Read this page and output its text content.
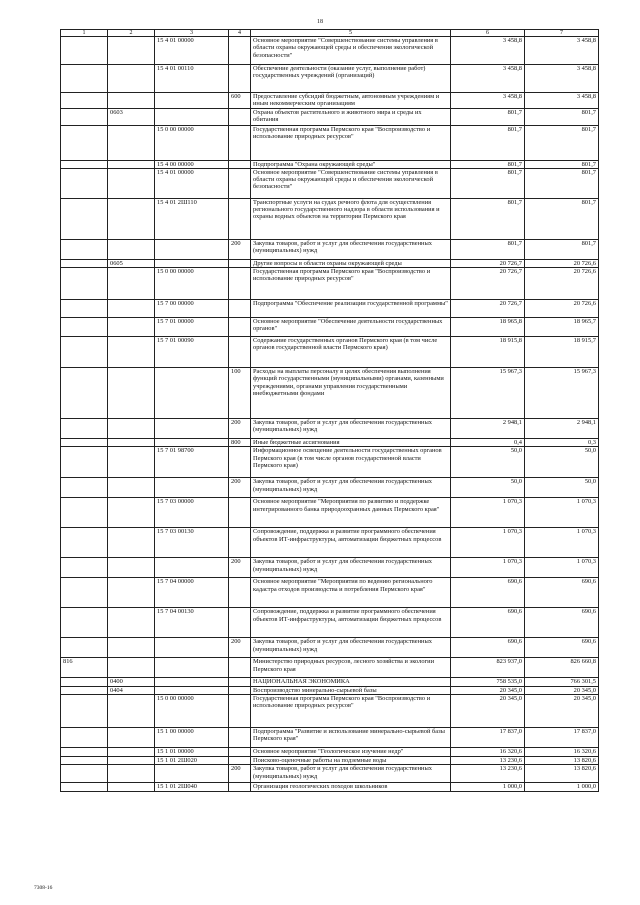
18
1	2	3	4	5	6	7
		15 4 01 00000		Основное мероприятие "Совершенствование системы управления в области охраны окружающей среды и обеспечения экологической безопасности"	3 458,8	3 458,8
		15 4 01 00110		Обеспечение деятельности (оказание услуг, выполнение работ) государственных учреждений (организаций)	3 458,8	3 458,8
			600	Предоставление субсидий бюджетным, автономным учреждениям и иным некоммерческим организациям	3 458,8	3 458,8
	0603			Охрана объектов растительного и животного мира и среды их обитания	801,7	801,7
		15 0 00 00000		Государственная программа Пермского края "Воспроизводство и использование природных ресурсов"	801,7	801,7
		15 4 00 00000		Подпрограмма "Охрана окружающей среды"	801,7	801,7
		15 4 01 00000		Основное мероприятие "Совершенствование системы управления в области охраны окружающей среды и обеспечения экологической безопасности"	801,7	801,7
		15 4 01 2Ш110		Транспортные услуги на судах речного флота для осуществления регионального государственного надзора в области использования и охраны водных объектов на территории Пермского края	801,7	801,7
			200	Закупка товаров, работ и услуг для обеспечения государственных (муниципальных) нужд	801,7	801,7
	0605			Другие вопросы в области охраны окружающей среды	20 726,7	20 726,6
		15 0 00 00000		Государственная программа Пермского края "Воспроизводство и использование природных ресурсов"	20 726,7	20 726,6
		15 7 00 00000		Подпрограмма "Обеспечение реализации государственной программы"	20 726,7	20 726,6
		15 7 01 00000		Основное мероприятие "Обеспечение деятельности государственных органов"	18 965,8	18 965,7
		15 7 01 00090		Содержание государственных органов Пермского края (в том числе органов государственной власти Пермского края)	18 915,8	18 915,7
			100	Расходы на выплаты персоналу в целях обеспечения выполнения функций государственными (муниципальными) органами, казенными учреждениями, органами управления государственными внебюджетными фондами	15 967,3	15 967,3
			200	Закупка товаров, работ и услуг для обеспечения государственных (муниципальных) нужд	2 948,1	2 948,1
			800	Иные бюджетные ассигнования	0,4	0,3
		15 7 01 98700		Информационное освещение деятельности государственных органов Пермского края (в том числе органов государственной власти Пермского края)	50,0	50,0
			200	Закупка товаров, работ и услуг для обеспечения государственных (муниципальных) нужд	50,0	50,0
		15 7 03 00000		Основное мероприятие "Мероприятия по развитию и поддержке интегрированного банка природоохранных данных Пермского края"	1 070,3	1 070,3
		15 7 03 00130		Сопровождение, поддержка и развитие программного обеспечения объектов ИТ-инфраструктуры, автоматизации бюджетных процессов	1 070,3	1 070,3
			200	Закупка товаров, работ и услуг для обеспечения государственных (муниципальных) нужд	1 070,3	1 070,3
		15 7 04 00000		Основное мероприятие "Мероприятия по ведению регионального кадастра отходов производства и потребления Пермского края"	690,6	690,6
		15 7 04 00130		Сопровождение, поддержка и развитие программного обеспечения объектов ИТ-инфраструктуры, автоматизации бюджетных процессов	690,6	690,6
			200	Закупка товаров, работ и услуг для обеспечения государственных (муниципальных) нужд	690,6	690,6
816				Министерство природных ресурсов, лесного хозяйства и экологии Пермского края	823 937,0	826 660,8
	0400			НАЦИОНАЛЬНАЯ ЭКОНОМИКА	758 535,0	766 301,5
	0404			Воспроизводство минерально-сырьевой базы	20 345,0	20 345,0
		15 0 00 00000		Государственная программа Пермского края "Воспроизводство и использование природных ресурсов"	20 345,0	20 345,0
		15 1 00 00000		Подпрограмма "Развитие и использование минерально-сырьевой базы Пермского края"	17 837,0	17 837,0
		15 1 01 00000		Основное мероприятие "Геологическое изучение недр"	16 320,6	16 320,6
		15 1 01 2Ш020		Поисково-оценочные работы на подземные воды	13 230,6	13 820,6
			200	Закупка товаров, работ и услуг для обеспечения государственных (муниципальных) нужд	13 230,6	13 820,6
		15 1 01 2Ш040		Организация геологических походов школьников	1 000,0	1 000,0
7308-16
